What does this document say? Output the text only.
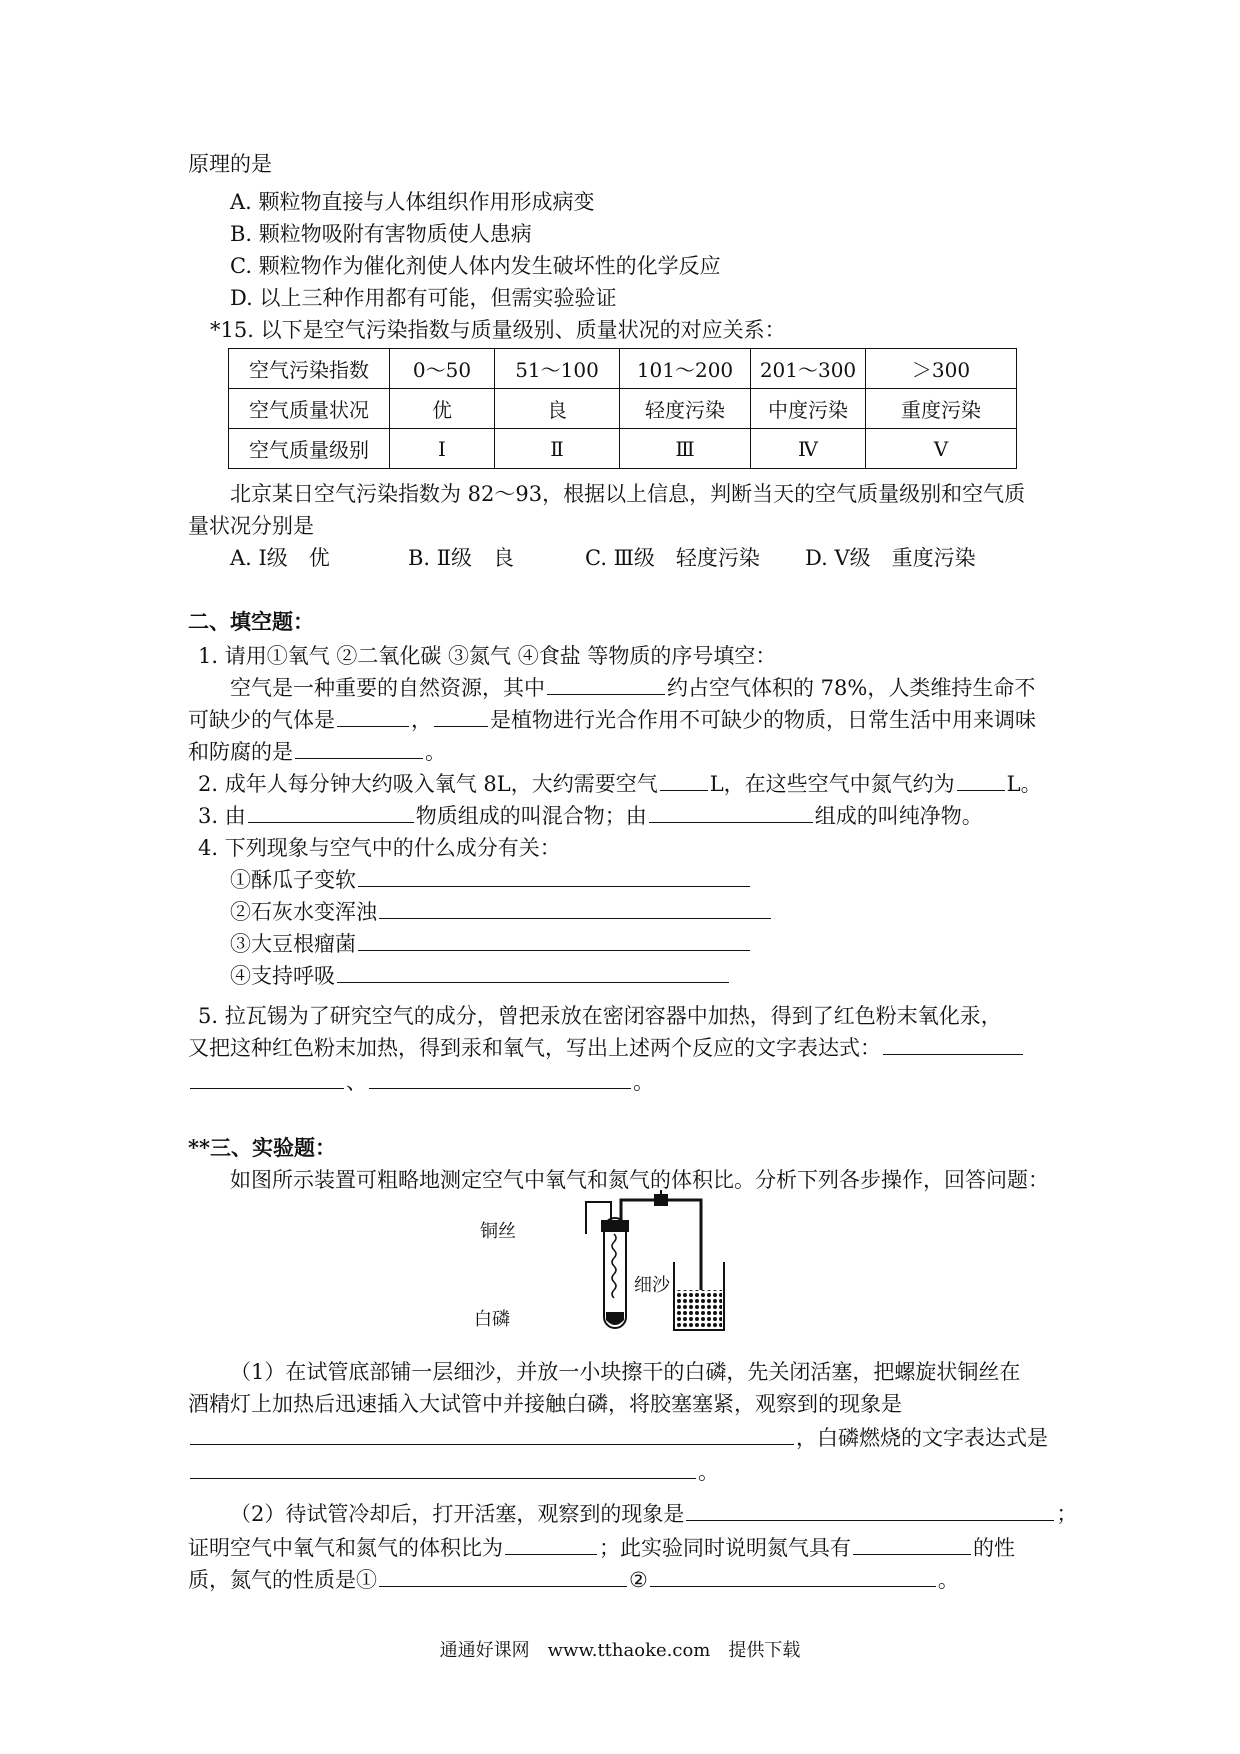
原理的是
A. 颗粒物直接与人体组织作用形成病变
B. 颗粒物吸附有害物质使人患病
C. 颗粒物作为催化剂使人体内发生破坏性的化学反应
D. 以上三种作用都有可能，但需实验验证
*15. 以下是空气污染指数与质量级别、质量状况的对应关系：
空气污染指数	0～50	51～100	101～200	201～300	＞300
空气质量状况	优	良	轻度污染	中度污染	重度污染
空气质量级别	Ⅰ	Ⅱ	Ⅲ	Ⅳ	Ⅴ
北京某日空气污染指数为 82～93，根据以上信息，判断当天的空气质量级别和空气质
量状况分别是
A. Ⅰ级　优	B. Ⅱ级　良	C. Ⅲ级　轻度污染 D. Ⅴ级　重度污染
二、填空题：
1. 请用①氧气 ②二氧化碳 ③氮气 ④食盐 等物质的序号填空：
空气是一种重要的自然资源，其中	约占空气体积的 78%，人类维持生命不
可缺少的气体是	，	是植物进行光合作用不可缺少的物质，日常生活中用来调味
和防腐的是	。
2. 成年人每分钟大约吸入氧气 8L，大约需要空气 L，在这些空气中氮气约为 L。
3. 由	物质组成的叫混合物；由	组成的叫纯净物。
4. 下列现象与空气中的什么成分有关：
①酥瓜子变软
②石灰水变浑浊
③大豆根瘤菌
④支持呼吸
5. 拉瓦锡为了研究空气的成分，曾把汞放在密闭容器中加热，得到了红色粉末氧化汞，
又把这种红色粉末加热，得到汞和氧气，写出上述两个反应的文字表达式：
、	。
**三、实验题：
如图所示装置可粗略地测定空气中氧气和氮气的体积比。分析下列各步操作，回答问题：
铜丝
白磷
细沙
（1）在试管底部铺一层细沙，并放一小块擦干的白磷，先关闭活塞，把螺旋状铜丝在
酒精灯上加热后迅速插入大试管中并接触白磷，将胶塞塞紧，观察到的现象是
，白磷燃烧的文字表达式是
。
（2）待试管冷却后，打开活塞，观察到的现象是	；
证明空气中氧气和氮气的体积比为	；此实验同时说明氮气具有	的性
质，氮气的性质是①	②	。
通通好课网　www.tthaoke.com　提供下载
